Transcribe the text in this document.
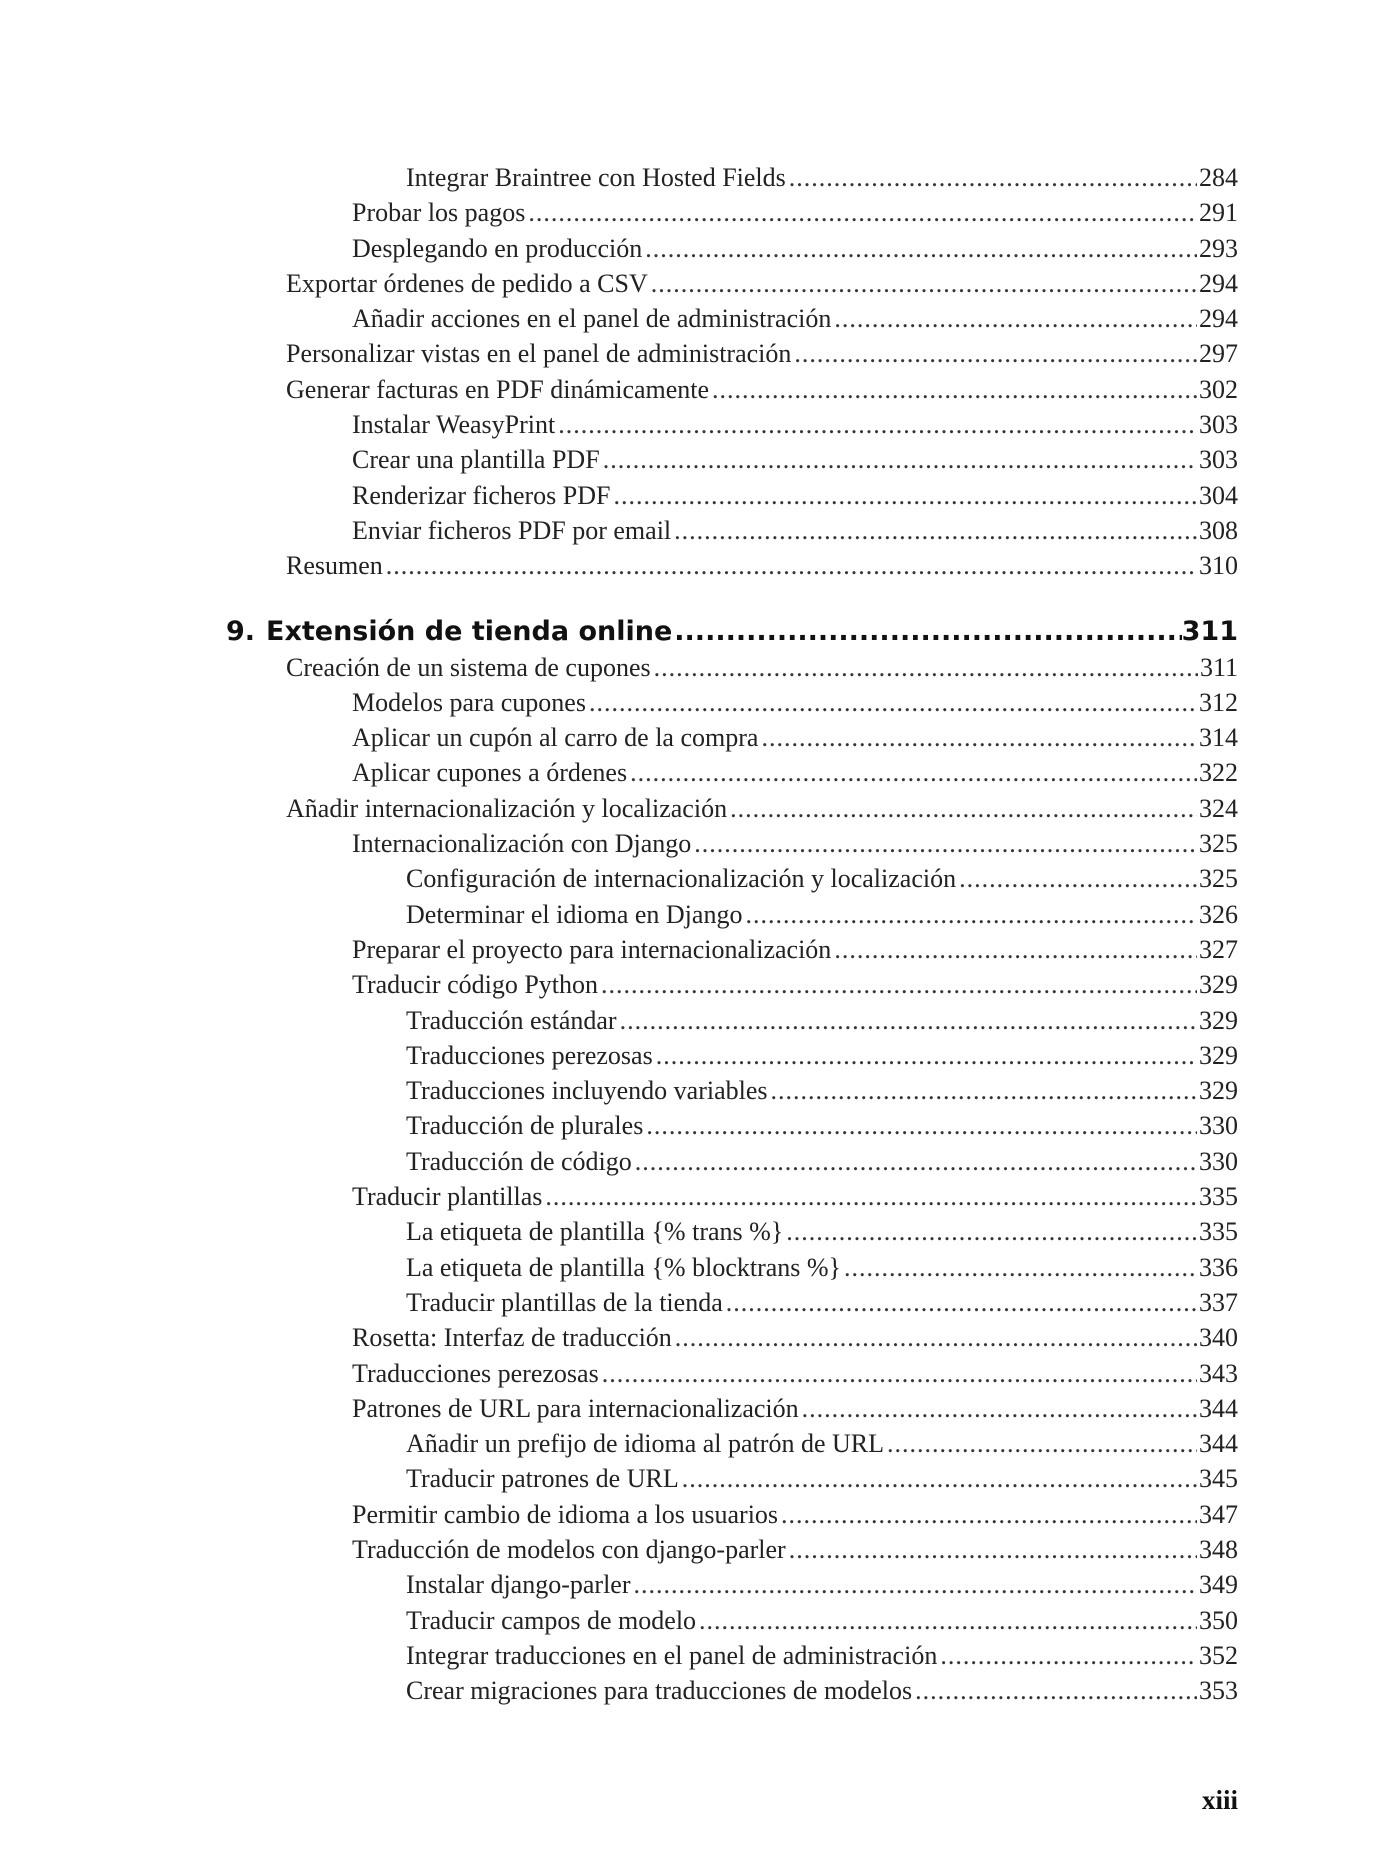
Integrar Braintree con Hosted Fields .....	284
Probar los pagos .....	291
Desplegando en producción .....	293
Exportar órdenes de pedido a CSV .....	294
Añadir acciones en el panel de administración .....	294
Personalizar vistas en el panel de administración .....	297
Generar facturas en PDF dinámicamente .....	302
Instalar WeasyPrint .....	303
Crear una plantilla PDF .....	303
Renderizar ficheros PDF .....	304
Enviar ficheros PDF por email .....	308
Resumen .....	310
9. Extensión de tienda online .....	311
Creación de un sistema de cupones .....	311
Modelos para cupones .....	312
Aplicar un cupón al carro de la compra .....	314
Aplicar cupones a órdenes .....	322
Añadir internacionalización y localización .....	324
Internacionalización con Django .....	325
Configuración de internacionalización y localización .....	325
Determinar el idioma en Django .....	326
Preparar el proyecto para internacionalización .....	327
Traducir código Python .....	329
Traducción estándar .....	329
Traducciones perezosas .....	329
Traducciones incluyendo variables .....	329
Traducción de plurales .....	330
Traducción de código .....	330
Traducir plantillas .....	335
La etiqueta de plantilla {% trans %} .....	335
La etiqueta de plantilla {% blocktrans %} .....	336
Traducir plantillas de la tienda .....	337
Rosetta: Interfaz de traducción .....	340
Traducciones perezosas .....	343
Patrones de URL para internacionalización .....	344
Añadir un prefijo de idioma al patrón de URL .....	344
Traducir patrones de URL .....	345
Permitir cambio de idioma a los usuarios .....	347
Traducción de modelos con django-parler .....	348
Instalar django-parler .....	349
Traducir campos de modelo .....	350
Integrar traducciones en el panel de administración .....	352
Crear migraciones para traducciones de modelos .....	353
xiii
